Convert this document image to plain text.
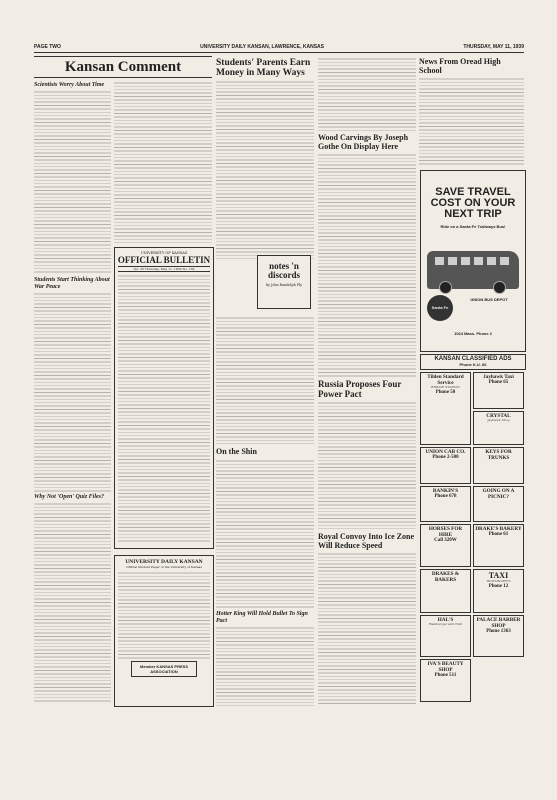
PAGE TWO	UNIVERSITY DAILY KANSAN, LAWRENCE, KANSAS	THURSDAY, MAY 11, 1939
Kansan Comment
Scientists Worry About Time
Students Start Thinking About War Peace
Why Not 'Open' Quiz Files?
UNIVERSITY OF KANSAS
OFFICIAL BULLETIN
Vol. 35 Thursday, May 11, 1939 No. 138
UNIVERSITY DAILY KANSAN
Official Student Paper of the University of Kansas
Member KANSAS PRESS ASSOCIATION
Students' Parents Earn Money in Many Ways
On the Shin
Hotter King Will Hold Bullet To Sign Pact
notes 'n
discords
by John Randolph Fly
Wood Carvings By Joseph Gothe On Display Here
Russia Proposes Four Power Pact
Royal Convoy Into Ice Zone Will Reduce Speed
News From Oread High School
SAVE TRAVEL COST ON YOUR NEXT TRIP
Ride on a Santa Fe Trailways Bus!
Santa Fe
UNION BUS DEPOT
1024 Mass. Phone 2
KANSAN CLASSIFIED ADS
Phone K.U. 66
Tilden Standard Service
BRIDGE STATION
Phone 50
Jayhawk Taxi
Phone 65
CRYSTAL
Jayhawk Shop
UNION CAB CO.
Phone 2-500
KEYS FOR TRUNKS
RANKIN'S
Phone 678
GOING ON A PICNIC?
HORSES FOR HIRE
Call 320W
DRAKE'S BAKERY
Phone 61
DRAKES & BAKERS	TAXI
HUNSINGER'S
Phone 12
HAL'S
Hamburger and Chili
PALACE BARBER SHOP
Phone 1363
IVA'S BEAUTY SHOP
Phone 511
